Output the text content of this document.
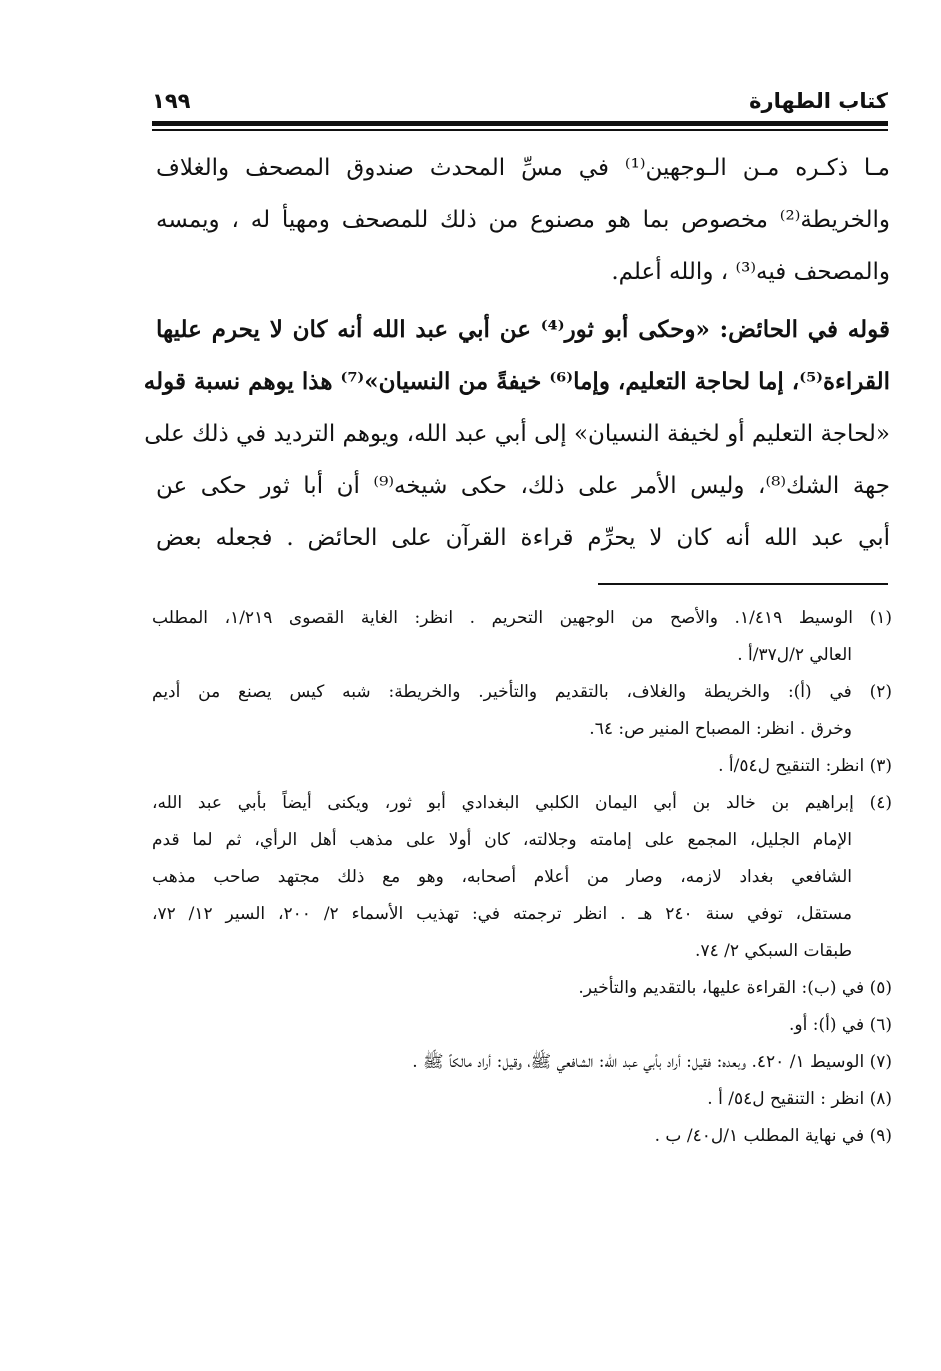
كتاب الطهارة
١٩٩
مـا ذكـره مـن الـوجهين⁽¹⁾ في مسِّ المحدث صندوق المصحف والغلاف
والخريطة⁽²⁾ مخصوص بما هو مصنوع من ذلك للمصحف ومهيأ له ، ويمسه
والمصحف فيه⁽³⁾ ، والله أعلم.
قوله في الحائض: «وحكى أبو ثور⁽⁴⁾ عن أبي عبد الله أنه كان لا يحرم عليها
القراءة⁽⁵⁾، إما لحاجة التعليم، وإما⁽⁶⁾ خيفةً من النسيان»⁽⁷⁾ هذا يوهم نسبة قوله
«لحاجة التعليم أو لخيفة النسيان» إلى أبي عبد الله، ويوهم الترديد في ذلك على
جهة الشك⁽⁸⁾، وليس الأمر على ذلك، حكى شيخه⁽⁹⁾ أن أبا ثور حكى عن
أبي عبد الله أنه كان لا يحرِّم قراءة القرآن على الحائض . فجعله بعض
(١) الوسيط ١/٤١٩. والأصح من الوجهين التحريم . انظر: الغاية القصوى ١/٢١٩، المطلب
العالي ٢/ل٣٧/أ .
(٢) في (أ): والخريطة والغلاف، بالتقديم والتأخير. والخريطة: شبه كيس يصنع من أديم
وخرق . انظر: المصباح المنير ص: ٦٤.
(٣) انظر: التنقيح ل٥٤/أ .
(٤) إبراهيم بن خالد بن أبي اليمان الكلبي البغدادي أبو ثور، ويكنى أيضاً بأبي عبد الله،
الإمام الجليل، المجمع على إمامته وجلالته، كان أولا على مذهب أهل الرأي، ثم لما قدم
الشافعي بغداد لازمه، وصار من أعلام أصحابه، وهو مع ذلك مجتهد صاحب مذهب
مستقل، توفي سنة ٢٤٠ هـ . انظر ترجمته في: تهذيب الأسماء ٢/ ٢٠٠، السير ١٢/ ٧٢،
طبقات السبكي ٢/ ٧٤.
(٥) في (ب): القراءة عليها، بالتقديم والتأخير.
(٦) في (أ): أو.
(٧) الوسيط ١/ ٤٢٠. وبعده: فقيل: أراد بأبي عبد الله: الشافعي ﷺ، وقيل: أراد مالكاً ﷺ .
(٨) انظر : التنقيح ل٥٤/ أ .
(٩) في نهاية المطلب ١/ل٤٠/ ب .
